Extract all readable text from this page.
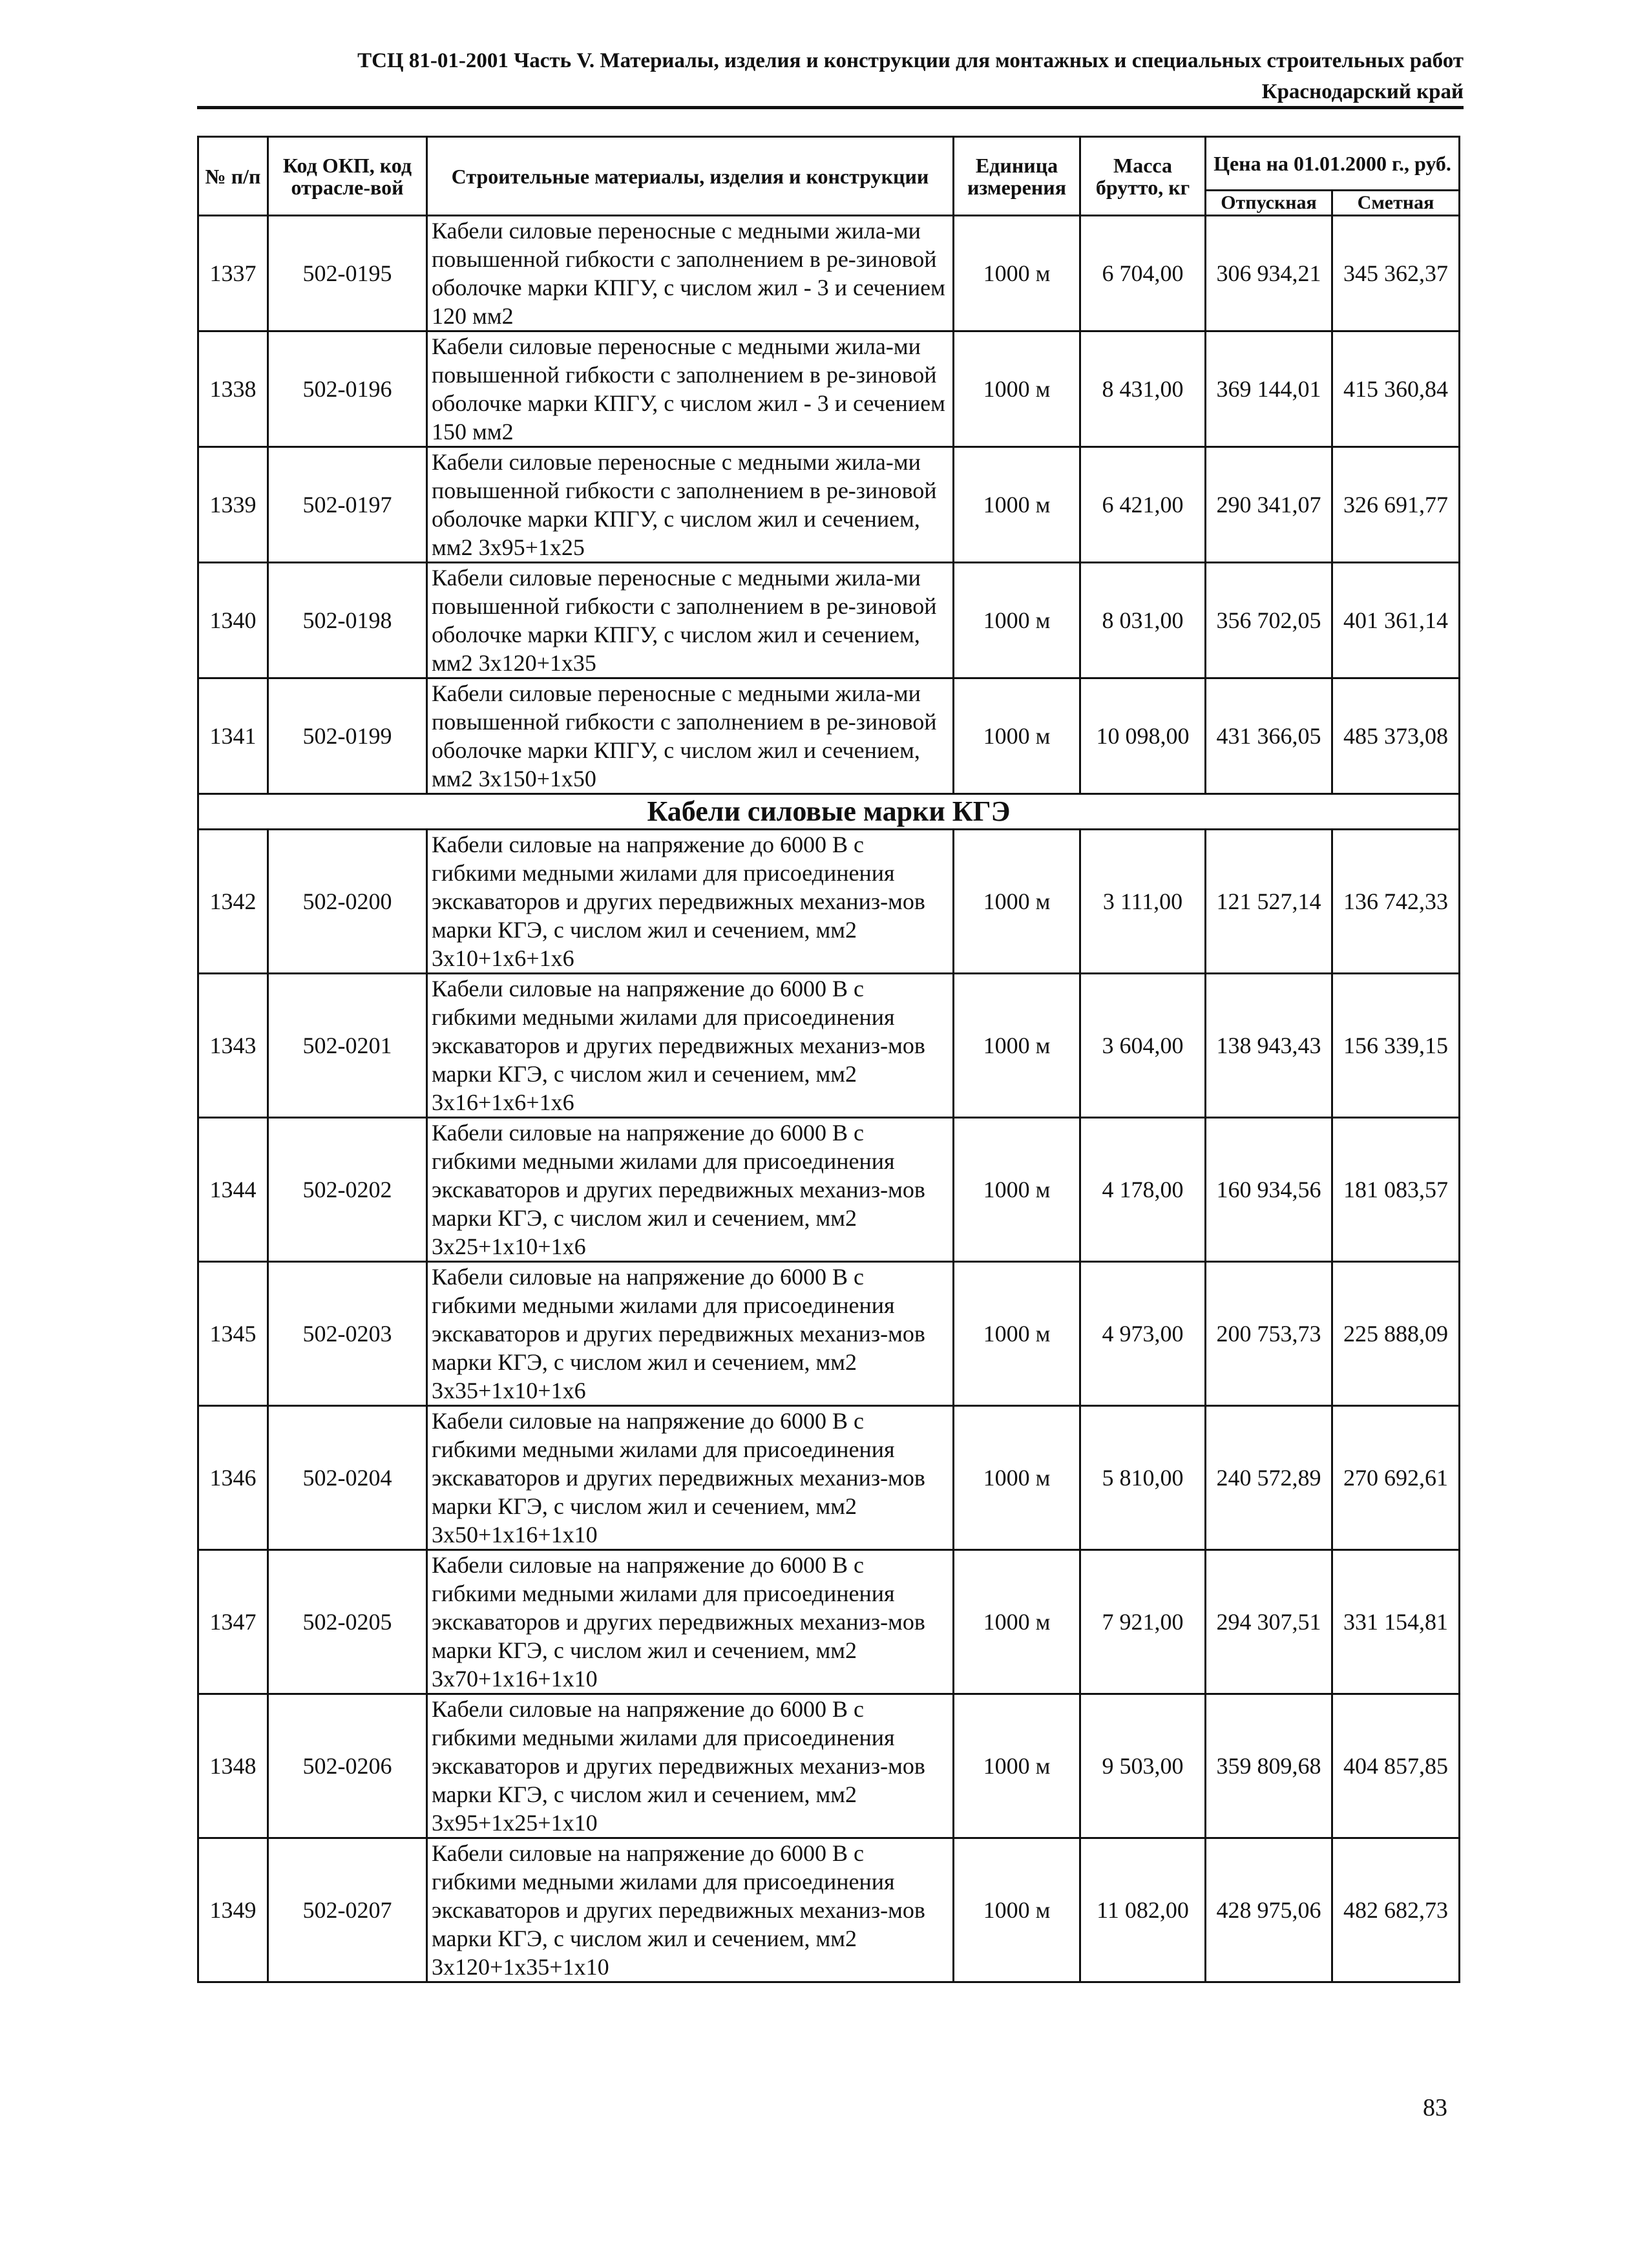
ТСЦ 81-01-2001 Часть V. Материалы, изделия и конструкции для монтажных и специальных строительных работ
Краснодарский край
№ п/п	Код ОКП, код отрасле-вой	Строительные материалы, изделия и конструкции	Единица измерения	Масса брутто, кг	Цена на 01.01.2000 г., руб.	
					Отпускная	Сметная
1337	502-0195	Кабели силовые переносные с медными жила-ми повышенной гибкости с заполнением в ре-зиновой оболочке марки КПГУ, с числом жил - 3 и сечением 120 мм2	1000 м	6 704,00	306 934,21	345 362,37
1338	502-0196	Кабели силовые переносные с медными жила-ми повышенной гибкости с заполнением в ре-зиновой оболочке марки КПГУ, с числом жил - 3 и сечением 150 мм2	1000 м	8 431,00	369 144,01	415 360,84
1339	502-0197	Кабели силовые переносные с медными жила-ми повышенной гибкости с заполнением в ре-зиновой оболочке марки КПГУ, с числом жил и сечением, мм2 3х95+1х25	1000 м	6 421,00	290 341,07	326 691,77
1340	502-0198	Кабели силовые переносные с медными жила-ми повышенной гибкости с заполнением в ре-зиновой оболочке марки КПГУ, с числом жил и сечением, мм2 3х120+1х35	1000 м	8 031,00	356 702,05	401 361,14
1341	502-0199	Кабели силовые переносные с медными жила-ми повышенной гибкости с заполнением в ре-зиновой оболочке марки КПГУ, с числом жил и сечением, мм2 3х150+1х50	1000 м	10 098,00	431 366,05	485 373,08
Кабели силовые марки КГЭ						
1342	502-0200	Кабели силовые на напряжение до 6000 В с гибкими медными жилами для присоединения экскаваторов и других передвижных механиз-мов марки КГЭ, с числом жил и сечением, мм2 3х10+1х6+1х6	1000 м	3 111,00	121 527,14	136 742,33
1343	502-0201	Кабели силовые на напряжение до 6000 В с гибкими медными жилами для присоединения экскаваторов и других передвижных механиз-мов марки КГЭ, с числом жил и сечением, мм2 3х16+1х6+1х6	1000 м	3 604,00	138 943,43	156 339,15
1344	502-0202	Кабели силовые на напряжение до 6000 В с гибкими медными жилами для присоединения экскаваторов и других передвижных механиз-мов марки КГЭ, с числом жил и сечением, мм2 3х25+1х10+1х6	1000 м	4 178,00	160 934,56	181 083,57
1345	502-0203	Кабели силовые на напряжение до 6000 В с гибкими медными жилами для присоединения экскаваторов и других передвижных механиз-мов марки КГЭ, с числом жил и сечением, мм2 3х35+1х10+1х6	1000 м	4 973,00	200 753,73	225 888,09
1346	502-0204	Кабели силовые на напряжение до 6000 В с гибкими медными жилами для присоединения экскаваторов и других передвижных механиз-мов марки КГЭ, с числом жил и сечением, мм2 3х50+1х16+1х10	1000 м	5 810,00	240 572,89	270 692,61
1347	502-0205	Кабели силовые на напряжение до 6000 В с гибкими медными жилами для присоединения экскаваторов и других передвижных механиз-мов марки КГЭ, с числом жил и сечением, мм2 3х70+1х16+1х10	1000 м	7 921,00	294 307,51	331 154,81
1348	502-0206	Кабели силовые на напряжение до 6000 В с гибкими медными жилами для присоединения экскаваторов и других передвижных механиз-мов марки КГЭ, с числом жил и сечением, мм2 3х95+1х25+1х10	1000 м	9 503,00	359 809,68	404 857,85
1349	502-0207	Кабели силовые на напряжение до 6000 В с гибкими медными жилами для присоединения экскаваторов и других передвижных механиз-мов марки КГЭ, с числом жил и сечением, мм2 3х120+1х35+1х10	1000 м	11 082,00	428 975,06	482 682,73
83
